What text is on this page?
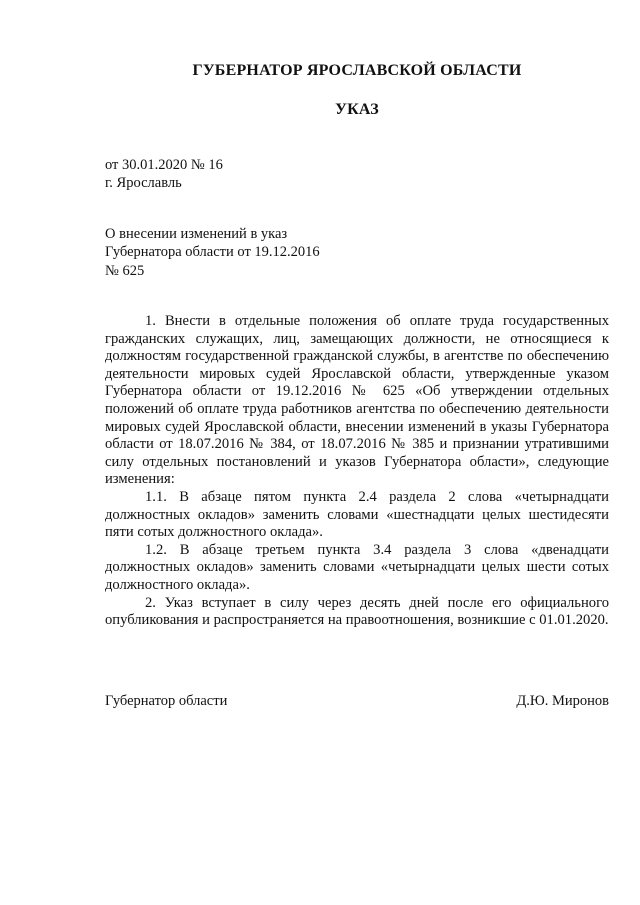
ГУБЕРНАТОР ЯРОСЛАВСКОЙ ОБЛАСТИ
УКАЗ
от 30.01.2020 № 16
г. Ярославль
О внесении изменений в указ
Губернатора области от 19.12.2016
№ 625

1. Внести в отдельные положения об оплате труда государственных гражданских служащих, лиц, замещающих должности, не относящиеся к должностям государственной гражданской службы, в агентстве по обеспечению деятельности мировых судей Ярославской области, утвержденные указом Губернатора области от 19.12.2016 № 625 «Об утверждении отдельных положений об оплате труда работников агентства по обеспечению деятельности мировых судей Ярославской области, внесении изменений в указы Губернатора области от 18.07.2016 № 384, от 18.07.2016 № 385 и признании утратившими силу отдельных постановлений и указов Губернатора области», следующие изменения:

1.1. В абзаце пятом пункта 2.4 раздела 2 слова «четырнадцати должностных окладов» заменить словами «шестнадцати целых шестидесяти пяти сотых должностного оклада».

1.2. В абзаце третьем пункта 3.4 раздела 3 слова «двенадцати должностных окладов» заменить словами «четырнадцати целых шести сотых должностного оклада».

2. Указ вступает в силу через десять дней после его официального опубликования и распространяется на правоотношения, возникшие с 01.01.2020.

Губернатор области	Д.Ю. Миронов
